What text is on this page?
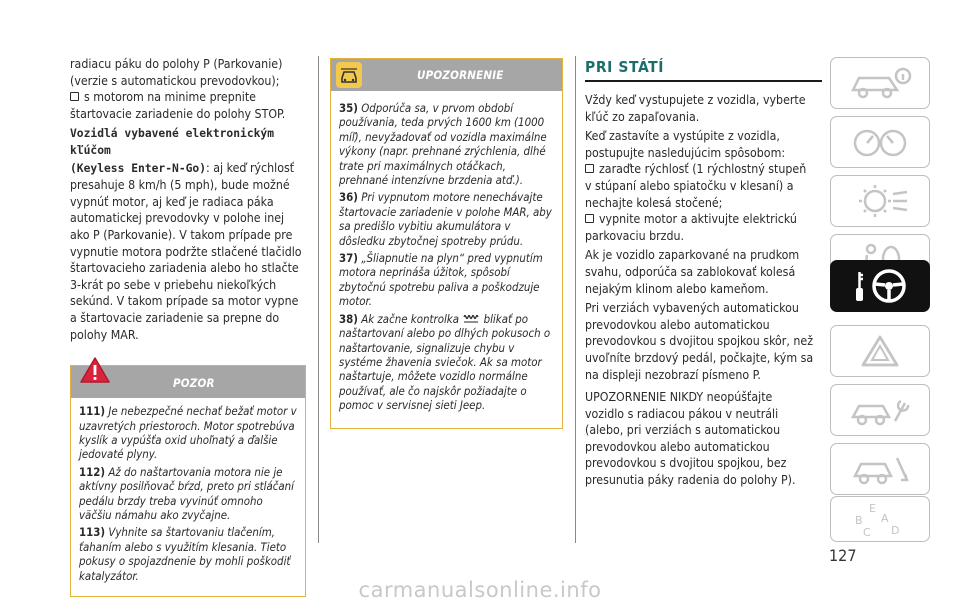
radiacu páku do polohy P (Parkovanie)

(verzie s automatickou prevodovkou);

s motorom na minime prepnite

štartovacie zariadenie do polohy STOP.

Vozidlá vybavené elektronickým kľúčom

(Keyless Enter-N-Go): aj keď rýchlosť

presahuje 8 km/h (5 mph), bude možné

vypnúť motor, aj keď je radiaca páka

automatickej prevodovky v polohe inej

ako P (Parkovanie). V takom prípade pre

vypnutie motora podržte stlačené tlačidlo

štartovacieho zariadenia alebo ho stlačte

3-krát po sebe v priebehu niekoľkých

sekúnd. V takom prípade sa motor vypne

a štartovacie zariadenie sa prepne do

polohy MAR.

POZOR

111) Je nebezpečné nechať bežať motor v uzavretých priestoroch. Motor spotrebúva kyslík a vypúšťa oxid uhoľnatý a ďalšie jedovaté plyny.

112) Až do naštartovania motora nie je aktívny posilňovač bŕzd, preto pri stláčaní pedálu brzdy treba vyvinúť omnoho väčšiu námahu ako zvyčajne.

113) Vyhnite sa štartovaniu tlačením, ťahaním alebo s využitím klesania. Tieto pokusy o spojazdnenie by mohli poškodiť katalyzátor.

UPOZORNENIE

35) Odporúča sa, v prvom období používania, teda prvých 1600 km (1000 míľ), nevyžadovať od vozidla maximálne výkony (napr. prehnané zrýchlenia, dlhé trate pri maximálnych otáčkach, prehnané intenzívne brzdenia atď.).

36) Pri vypnutom motore nenechávajte štartovacie zariadenie v polohe MAR, aby sa predišlo vybitiu akumulátora v dôsledku zbytočnej spotreby prúdu.

37) „Šliapnutie na plyn“ pred vypnutím motora neprináša úžitok, spôsobí zbytočnú spotrebu paliva a poškodzuje motor.

38) Ak začne kontrolka blikať po naštartovaní alebo po dlhých pokusoch o naštartovanie, signalizuje chybu v systéme žhavenia sviečok. Ak sa motor naštartuje, môžete vozidlo normálne používať, ale čo najskôr požiadajte o pomoc v servisnej sieti Jeep.

PRI STÁTÍ

Vždy keď vystupujete z vozidla, vyberte

kľúč zo zapaľovania.

Keď zastavíte a vystúpite z vozidla,

postupujte nasledujúcim spôsobom:

zaraďte rýchlosť (1 rýchlostný stupeň

v stúpaní alebo spiatočku v klesaní) a

nechajte kolesá stočené;

vypnite motor a aktivujte elektrickú

parkovaciu brzdu.

Ak je vozidlo zaparkované na prudkom

svahu, odporúča sa zablokovať kolesá

nejakým klinom alebo kameňom.

Pri verziách vybavených automatickou

prevodovkou alebo automatickou

prevodovkou s dvojitou spojkou skôr, než

uvoľníte brzdový pedál, počkajte, kým sa

na displeji nezobrazí písmeno P.

UPOZORNENIE NIKDY neopúšťajte

vozidlo s radiacou pákou v neutráli

(alebo, pri verziách s automatickou

prevodovkou alebo automatickou

prevodovkou s dvojitou spojkou, bez

presunutia páky radenia do polohy P).

E
B A
C D
127
carmanualsonline.info
